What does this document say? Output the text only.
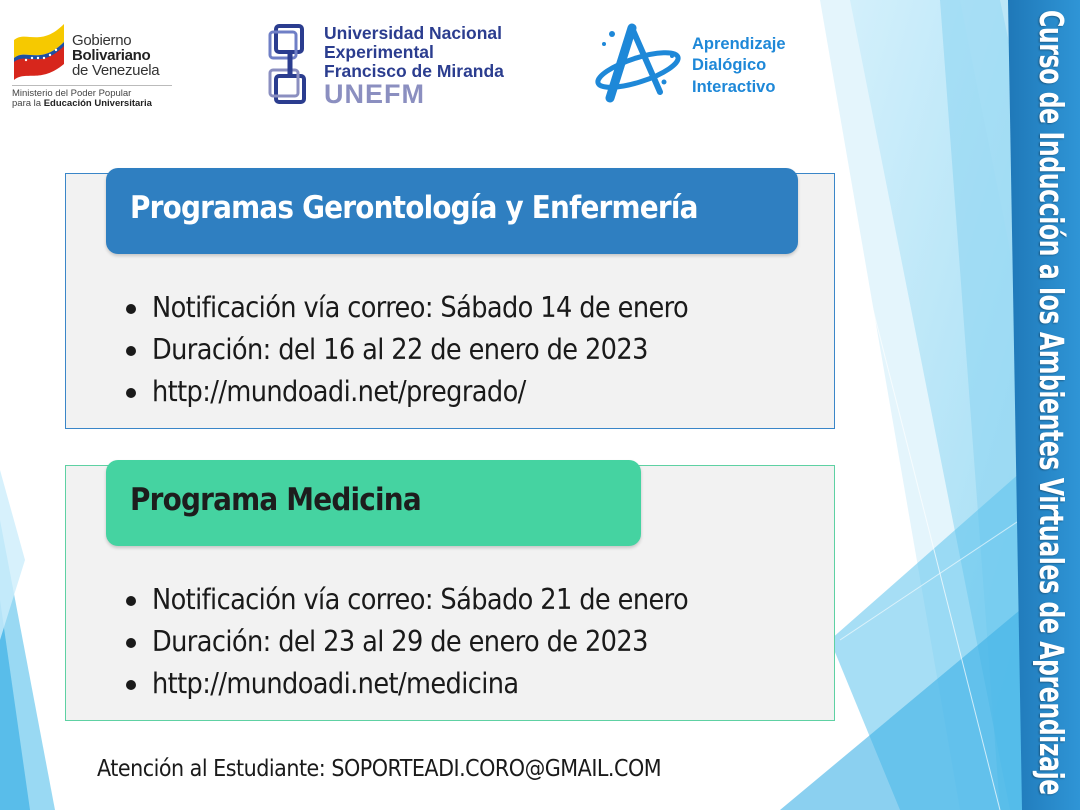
Gobierno
Bolivariano
de Venezuela
Ministerio del Poder Popular
para la Educación Universitaria
Universidad Nacional
Experimental
Francisco de Miranda
UNEFM
Aprendizaje
Dialógico
Interactivo
Programas Gerontología y Enfermería
Notificación vía correo: Sábado 14 de enero
Duración: del 16 al 22 de enero de 2023
http://mundoadi.net/pregrado/
Programa Medicina
Notificación vía correo: Sábado 21 de enero
Duración: del 23 al 29 de enero de 2023
http://mundoadi.net/medicina
Atención al Estudiante: SOPORTEADI.CORO@GMAIL.COM	Curso de Inducción a los Ambientes Virtuales de Aprendizaje
